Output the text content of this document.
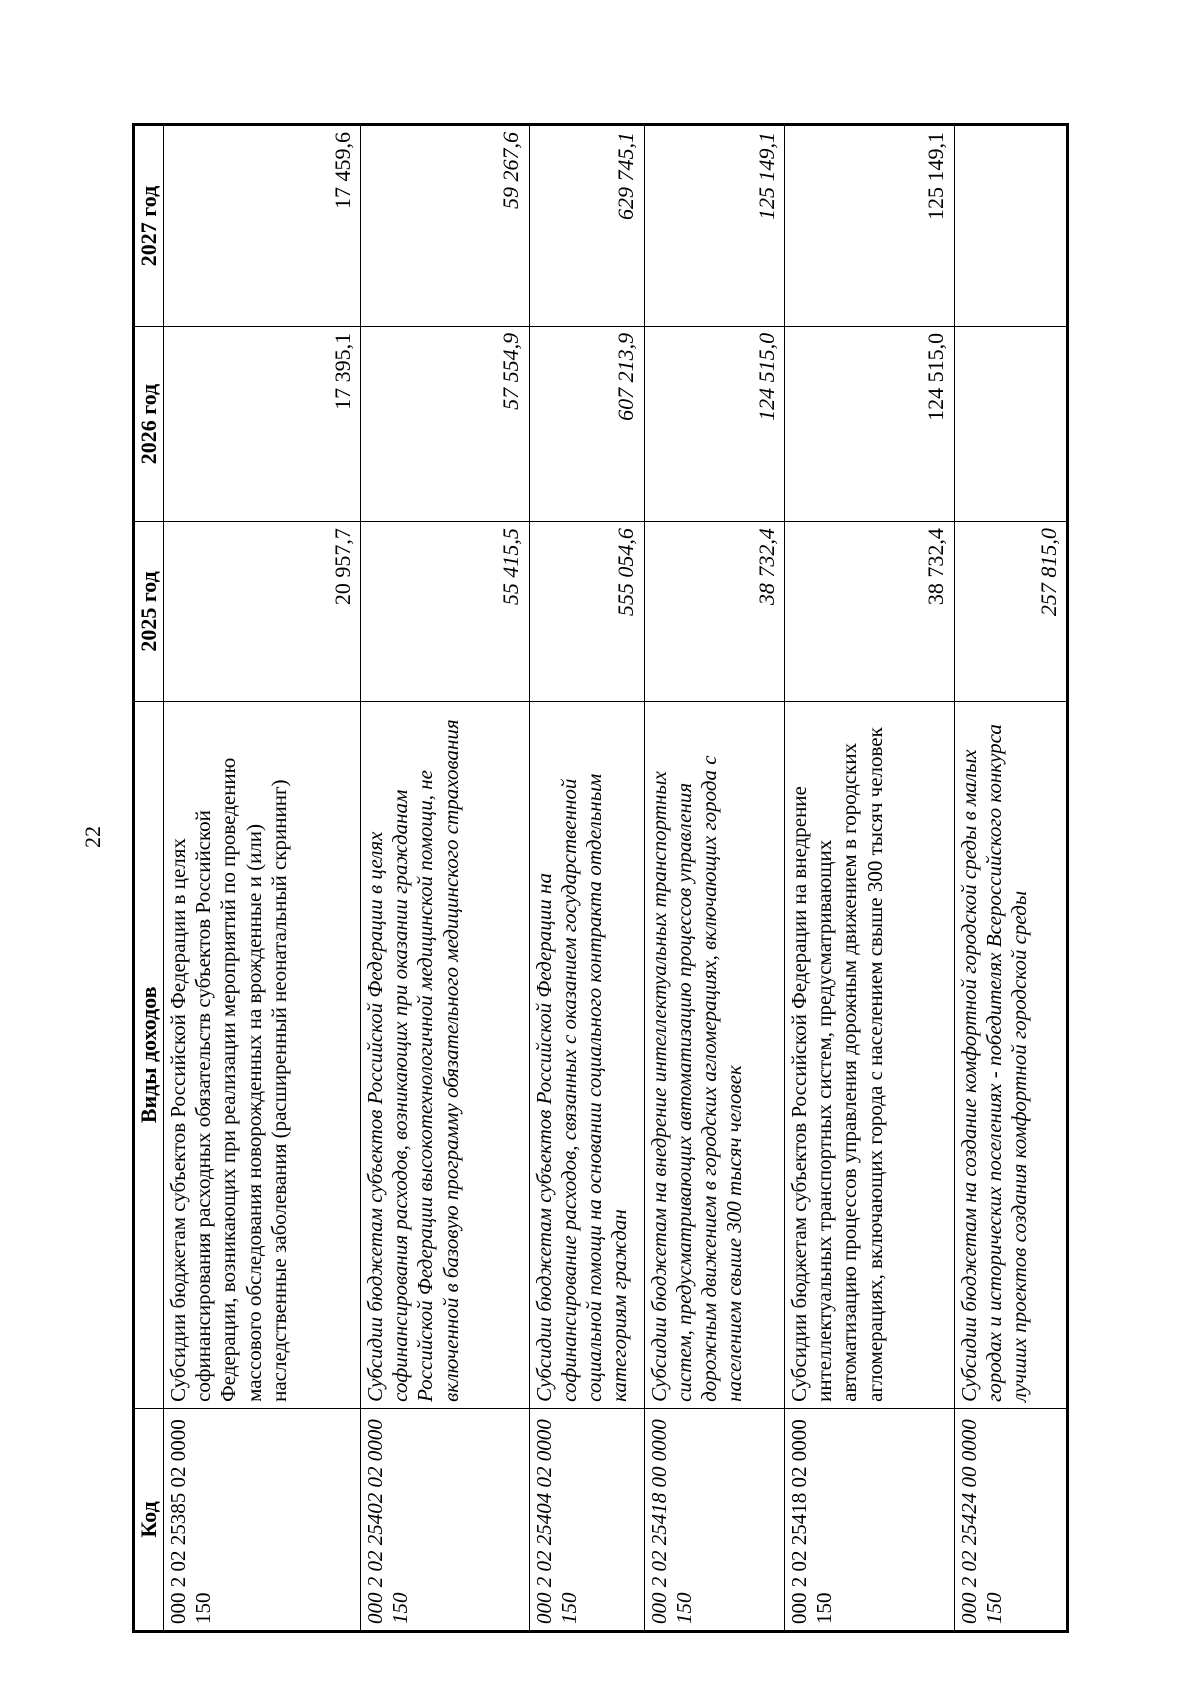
22
Код	Виды доходов	2025 год	2026 год	2027 год
000 2 02 25385 02 0000 150	Субсидии бюджетам субъектов Российской Федерации в целях софинансирования расходных обязательств субъектов Российской Федерации, возникающих при реализации мероприятий по проведению массового обследования новорожденных на врожденные и (или) наследственные заболевания (расширенный неонатальный скрининг)	20 957,7	17 395,1	17 459,6
000 2 02 25402 02 0000 150	Субсидии бюджетам субъектов Российской Федерации в целях софинансирования расходов, возникающих при оказании гражданам Российской Федерации высокотехнологичной медицинской помощи, не включенной в базовую программу обязательного медицинского страхования	55 415,5	57 554,9	59 267,6
000 2 02 25404 02 0000 150	Субсидии бюджетам субъектов Российской Федерации на софинансирование расходов, связанных с оказанием государственной социальной помощи на основании социального контракта отдельным категориям граждан	555 054,6	607 213,9	629 745,1
000 2 02 25418 00 0000 150	Субсидии бюджетам на внедрение интеллектуальных транспортных систем, предусматривающих автоматизацию процессов управления дорожным движением в городских агломерациях, включающих города с населением свыше 300 тысяч человек	38 732,4	124 515,0	125 149,1
000 2 02 25418 02 0000 150	Субсидии бюджетам субъектов Российской Федерации на внедрение интеллектуальных транспортных систем, предусматривающих автоматизацию процессов управления дорожным движением в городских агломерациях, включающих города с населением свыше 300 тысяч человек	38 732,4	124 515,0	125 149,1
000 2 02 25424 00 0000 150	Субсидии бюджетам на создание комфортной городской среды в малых городах и исторических поселениях - победителях Всероссийского конкурса лучших проектов создания комфортной городской среды	257 815,0		
